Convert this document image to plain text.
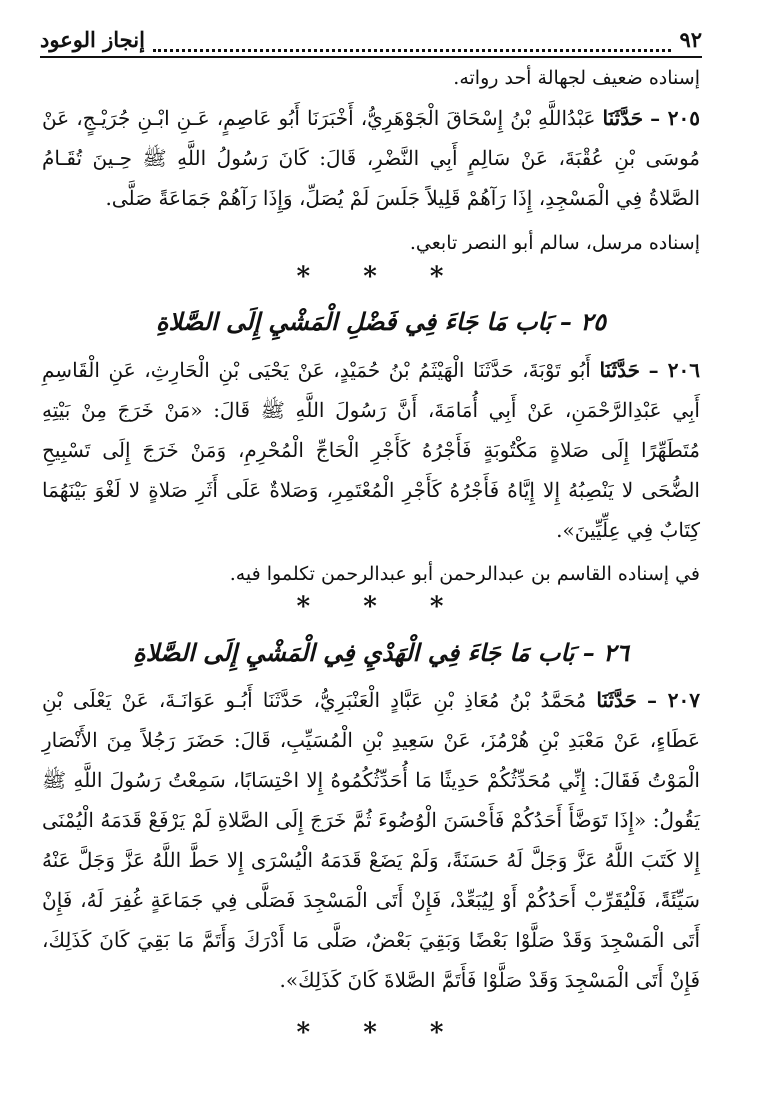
٩٢
إنجاز الوعود
إسناده ضعيف لجهالة أحد رواته.

٢٠٥ – حَدَّثَنَا عَبْدُاللَّهِ بْنُ إِسْحَاقَ الْجَوْهَرِيُّ، أَخْبَرَنَا أَبُو عَاصِمٍ، عَـنِ ابْـنِ جُرَيْـجٍ، عَنْ مُوسَى بْنِ عُقْبَةَ، عَنْ سَالِمٍ أَبِي النَّضْرِ، قَالَ: كَانَ رَسُولُ اللَّهِ ﷺ حِـينَ تُقَـامُ الصَّلاةُ فِي الْمَسْجِدِ، إِذَا رَآهُمْ قَلِيلاً جَلَسَ لَمْ يُصَلِّ، وَإِذَا رَآهُمْ جَمَاعَةً صَلَّى.

إسناده مرسل، سالم أبو النصر تابعي.
* * *
٢٥ – بَاب مَا جَاءَ فِي فَضْلِ الْمَشْيِ إِلَى الصَّلاةِ

٢٠٦ – حَدَّثَنَا أَبُو تَوْبَةَ، حَدَّثَنَا الْهَيْثَمُ بْنُ حُمَيْدٍ، عَنْ يَحْيَى بْنِ الْحَارِثِ، عَنِ الْقَاسِمِ أَبِي عَبْدِالرَّحْمَنِ، عَنْ أَبِي أُمَامَةَ، أَنَّ رَسُولَ اللَّهِ ﷺ قَالَ: «مَنْ خَرَجَ مِنْ بَيْتِهِ مُتَطَهِّرًا إِلَى صَلاةٍ مَكْتُوبَةٍ فَأَجْرُهُ كَأَجْرِ الْحَاجِّ الْمُحْرِمِ، وَمَنْ خَرَجَ إِلَى تَسْبِيحِ الضُّحَى لا يَنْصِبُهُ إِلا إِيَّاهُ فَأَجْرُهُ كَأَجْرِ الْمُعْتَمِرِ، وَصَلاةٌ عَلَى أَثَرِ صَلاةٍ لا لَغْوَ بَيْنَهُمَا كِتَابٌ فِي عِلِّيِّينَ».

في إسناده القاسم بن عبدالرحمن أبو عبدالرحمن تكلموا فيه.
* * *
٢٦ – بَاب مَا جَاءَ فِي الْهَدْيِ فِي الْمَشْيِ إِلَى الصَّلاةِ

٢٠٧ – حَدَّثَنَا مُحَمَّدُ بْنُ مُعَاذِ بْنِ عَبَّادٍ الْعَنْبَرِيُّ، حَدَّثَنَا أَبُـو عَوَانَـةَ، عَنْ يَعْلَى بْنِ عَطَاءٍ، عَنْ مَعْبَدِ بْنِ هُرْمُزَ، عَنْ سَعِيدِ بْنِ الْمُسَيِّبِ، قَالَ: حَضَرَ رَجُلاً مِنَ الأَنْصَارِ الْمَوْتُ فَقَالَ: إِنِّي مُحَدِّثُكُمْ حَدِيثًا مَا أُحَدِّثُكُمُوهُ إِلا احْتِسَابًا، سَمِعْتُ رَسُولَ اللَّهِ ﷺ يَقُولُ: «إِذَا تَوَضَّأَ أَحَدُكُمْ فَأَحْسَنَ الْوُضُوءَ ثُمَّ خَرَجَ إِلَى الصَّلاةِ لَمْ يَرْفَعْ قَدَمَهُ الْيُمْنَى إِلا كَتَبَ اللَّهُ عَزَّ وَجَلَّ لَهُ حَسَنَةً، وَلَمْ يَضَعْ قَدَمَهُ الْيُسْرَى إِلا حَطَّ اللَّهُ عَزَّ وَجَلَّ عَنْهُ سَيِّئَةً، فَلْيُقَرِّبْ أَحَدُكُمْ أَوْ لِيُبَعِّدْ، فَإِنْ أَتَى الْمَسْجِدَ فَصَلَّى فِي جَمَاعَةٍ غُفِرَ لَهُ، فَإِنْ أَتَى الْمَسْجِدَ وَقَدْ صَلَّوْا بَعْضًا وَبَقِيَ بَعْضٌ، صَلَّى مَا أَدْرَكَ وَأَتَمَّ مَا بَقِيَ كَانَ كَذَلِكَ، فَإِنْ أَتَى الْمَسْجِدَ وَقَدْ صَلَّوْا فَأَتَمَّ الصَّلاةَ كَانَ كَذَلِكَ».

* * *
